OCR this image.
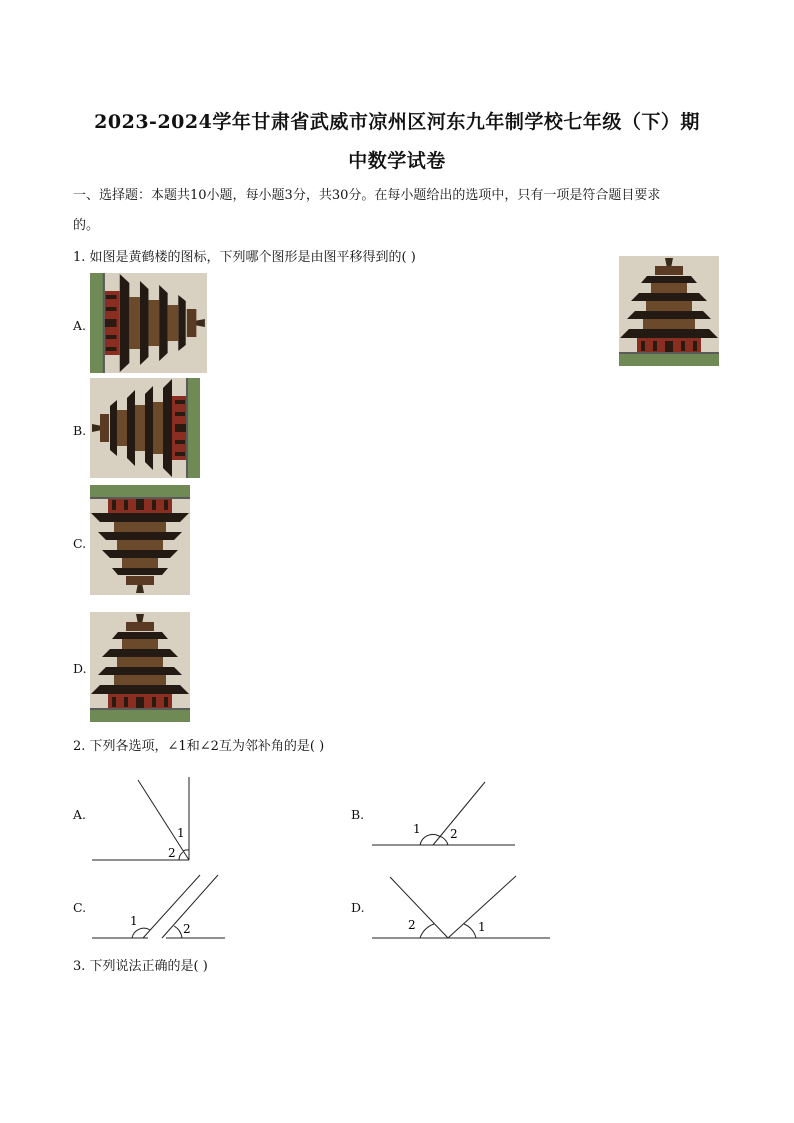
2023-2024学年甘肃省武威市凉州区河东九年制学校七年级（下）期
中数学试卷
一、选择题：本题共10小题，每小题3分，共30分。在每小题给出的选项中，只有一项是符合题目要求
的。
1. 如图是黄鹤楼的图标，下列哪个图形是由图平移得到的( )
A.
B.
C.
D.
2. 下列各选项，∠1和∠2互为邻补角的是( )
A.
1
2
B.
1 2
C.
1
2
D.
2	1
3. 下列说法正确的是( )
